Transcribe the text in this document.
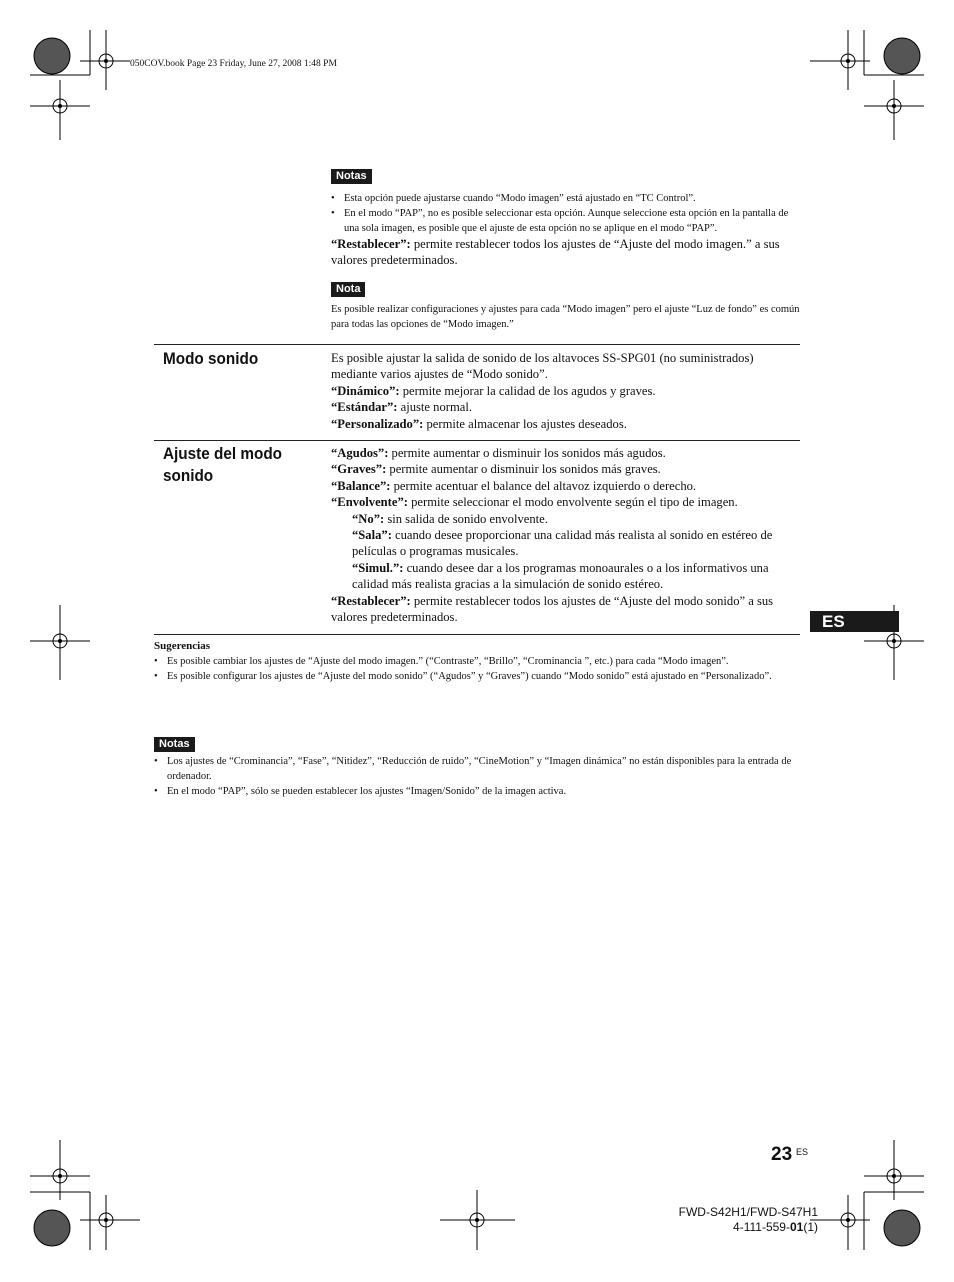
050COV.book Page 23 Friday, June 27, 2008 1:48 PM
Notas
• Esta opción puede ajustarse cuando “Modo imagen” está ajustado en “TC Control”.
• En el modo “PAP”, no es posible seleccionar esta opción. Aunque seleccione esta opción en la pantalla de una sola imagen, es posible que el ajuste de esta opción no se aplique en el modo “PAP”.
“Restablecer”: permite restablecer todos los ajustes de “Ajuste del modo imagen.” a sus valores predeterminados.
Nota
Es posible realizar configuraciones y ajustes para cada “Modo imagen” pero el ajuste “Luz de fondo” es común para todas las opciones de “Modo imagen.”
Modo sonido	Es posible ajustar la salida de sonido de los altavoces SS-SPG01 (no suministrados) mediante varios ajustes de “Modo sonido”.
“Dinámico”: permite mejorar la calidad de los agudos y graves.
“Estándar”: ajuste normal.
“Personalizado”: permite almacenar los ajustes deseados.
Ajuste del modo
sonido
“Agudos”: permite aumentar o disminuir los sonidos más agudos.
“Graves”: permite aumentar o disminuir los sonidos más graves.
“Balance”: permite acentuar el balance del altavoz izquierdo o derecho.
“Envolvente”: permite seleccionar el modo envolvente según el tipo de imagen.
“No”: sin salida de sonido envolvente.
“Sala”: cuando desee proporcionar una calidad más realista al sonido en estéreo de películas o programas musicales.
“Simul.”: cuando desee dar a los programas monoaurales o a los informativos una calidad más realista gracias a la simulación de sonido estéreo.
“Restablecer”: permite restablecer todos los ajustes de “Ajuste del modo sonido” a sus valores predeterminados.
Sugerencias
• Es posible cambiar los ajustes de “Ajuste del modo imagen.” (“Contraste”, “Brillo”, “Crominancia ”, etc.) para cada “Modo imagen”.
• Es posible configurar los ajustes de “Ajuste del modo sonido” (“Agudos” y “Graves”) cuando “Modo sonido” está ajustado en “Personalizado”.
Notas
• Los ajustes de “Crominancia”, “Fase”, “Nitidez”, “Reducción de ruido”, “CineMotion” y “Imagen dinámica” no están disponibles para la entrada de ordenador.
• En el modo “PAP”, sólo se pueden establecer los ajustes “Imagen/Sonido” de la imagen activa.
ES
23 ES
FWD-S42H1/FWD-S47H1
4-111-559-01(1)
